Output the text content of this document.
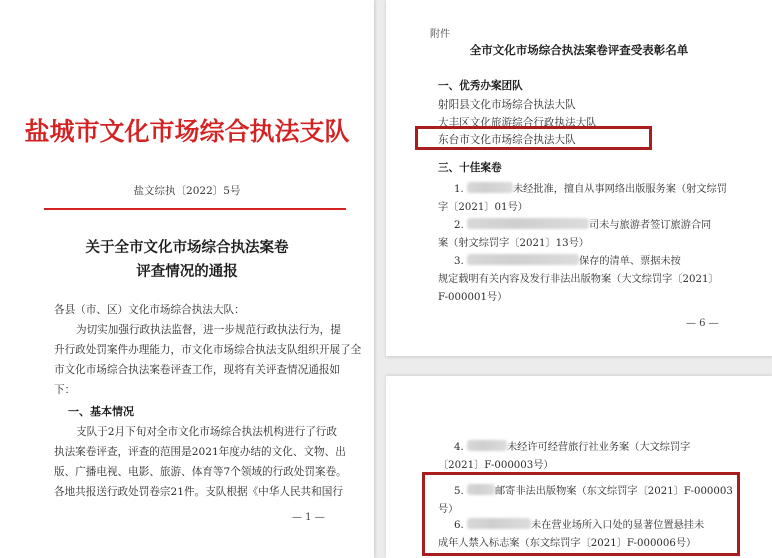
盐城市文化市场综合执法支队
盐文综执〔2022〕5号
关于全市文化市场综合执法案卷
评查情况的通报
各县（市、区）文化市场综合执法大队：
为切实加强行政执法监督，进一步规范行政执法行为，提
升行政处罚案件办理能力，市文化市场综合执法支队组织开展了全
市文化市场综合执法案卷评查工作，现将有关评查情况通报如
下：
一、基本情况
支队于2月下旬对全市文化市场综合执法机构进行了行政
执法案卷评查，评查的范围是2021年度办结的文化、文物、出
版、广播电视、电影、旅游、体育等7个领域的行政处罚案卷。
各地共报送行政处罚卷宗21件。支队根据《中华人民共和国行
— 1 —
附件
全市文化市场综合执法案卷评查受表彰名单
一、优秀办案团队
射阳县文化市场综合执法大队
大丰区文化旅游综合行政执法大队
东台市文化市场综合执法大队
三、十佳案卷
1.	未经批准，擅自从事网络出版服务案（射文综罚
字〔2021〕01号）
2.	司未与旅游者签订旅游合同
案（射文综罚字〔2021〕13号）
3.	保存的清单、票据未按
规定载明有关内容及发行非法出版物案（大文综罚字〔2021〕
F-000001号）
— 6 —
4.	未经许可经营旅行社业务案（大文综罚字
〔2021〕F-000003号）
5.	邮寄非法出版物案（东文综罚字〔2021〕F-000003
号）
6.	未在营业场所入口处的显著位置悬挂未
成年人禁入标志案（东文综罚字〔2021〕F-000006号）
